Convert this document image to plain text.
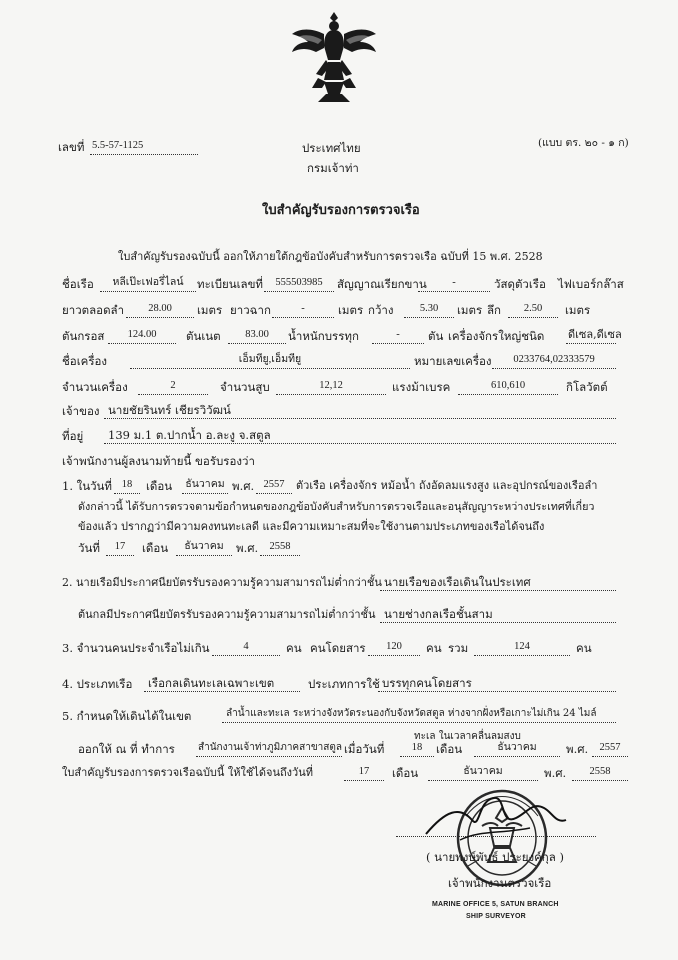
เลขที่ 5.5-57-1125	ประเทศไทย	(แบบ ตร. ๒๐ - ๑ ก)
กรมเจ้าท่า
ใบสำคัญรับรองการตรวจเรือ
ใบสำคัญรับรองฉบับนี้ ออกให้ภายใต้กฎข้อบังคับสำหรับการตรวจเรือ ฉบับที่ 15 พ.ศ. 2528
ชื่อเรือ	หลีเป๊ะเฟอรี่ไลน์	ทะเบียนเลขที่	555503985	สัญญาณเรียกขาน	-	วัสดุตัวเรือ ไฟเบอร์กล๊าส
ยาวตลอดลำ	28.00	เมตร ยาวฉาก	-	เมตร กว้าง	5.30	เมตร ลึก	2.50	เมตร
ตันกรอส	124.00	ตันเนต	83.00	น้ำหนักบรรทุก	-	ตัน เครื่องจักรใหญ่ชนิด ดีเซล,ดีเซล
ชื่อเครื่อง	เอ็มทียู,เอ็มทียู	หมายเลขเครื่อง	0233764,02333579
จำนวนเครื่อง	2	จำนวนสูบ	12,12	แรงม้าเบรค	610,610	กิโลวัตต์
เจ้าของ นายชัยรินทร์ เชียรวิวัฒน์
ที่อยู่ 139 ม.1 ต.ปากน้ำ อ.ละงู จ.สตูล
เจ้าพนักงานผู้ลงนามท้ายนี้ ขอรับรองว่า
1. ในวันที่ 18	เดือน	ธันวาคม พ.ศ. 2557	ตัวเรือ เครื่องจักร หม้อน้ำ ถังอัดลมแรงสูง และอุปกรณ์ของเรือลำ
ดังกล่าวนี้ ได้รับการตรวจตามข้อกำหนดของกฎข้อบังคับสำหรับการตรวจเรือและอนุสัญญาระหว่างประเทศที่เกี่ยว
ข้องแล้ว ปรากฏว่ามีความคงทนทะเลดี และมีความเหมาะสมที่จะใช้งานตามประเภทของเรือได้จนถึง
วันที่	17	เดือน	ธันวาคม	พ.ศ.	2558
2. นายเรือมีประกาศนียบัตรรับรองความรู้ความสามารถไม่ต่ำกว่าชั้น นายเรือของเรือเดินในประเทศ
ต้นกลมีประกาศนียบัตรรับรองความรู้ความสามารถไม่ต่ำกว่าชั้น นายช่างกลเรือชั้นสาม
3. จำนวนคนประจำเรือไม่เกิน	4	คน คนโดยสาร	120	คน รวม	124	คน
4. ประเภทเรือ เรือกลเดินทะเลเฉพาะเขต	ประเภทการใช้ บรรทุกคนโดยสาร
5. กำหนดให้เดินได้ในเขต	ลำน้ำและทะเล ระหว่างจังหวัดระนองกับจังหวัดสตูล ห่างจากฝั่งหรือเกาะไม่เกิน 24 ไมล์
ทะเล ในเวลาคลื่นลมสงบ
ออกให้ ณ ที่ ทำการ สำนักงานเจ้าท่าภูมิภาคสาขาสตูล เมื่อวันที่	18	เดือน	ธันวาคม	พ.ศ.	2557
ใบสำคัญรับรองการตรวจเรือฉบับนี้ ให้ใช้ได้จนถึงวันที่	17	เดือน	ธันวาคม	พ.ศ.	2558
( นายพงษ์พันธ์ ประยงค์กุล )
เจ้าพนักงานตรวจเรือ
MARINE OFFICE 5, SATUN BRANCH
SHIP SURVEYOR
